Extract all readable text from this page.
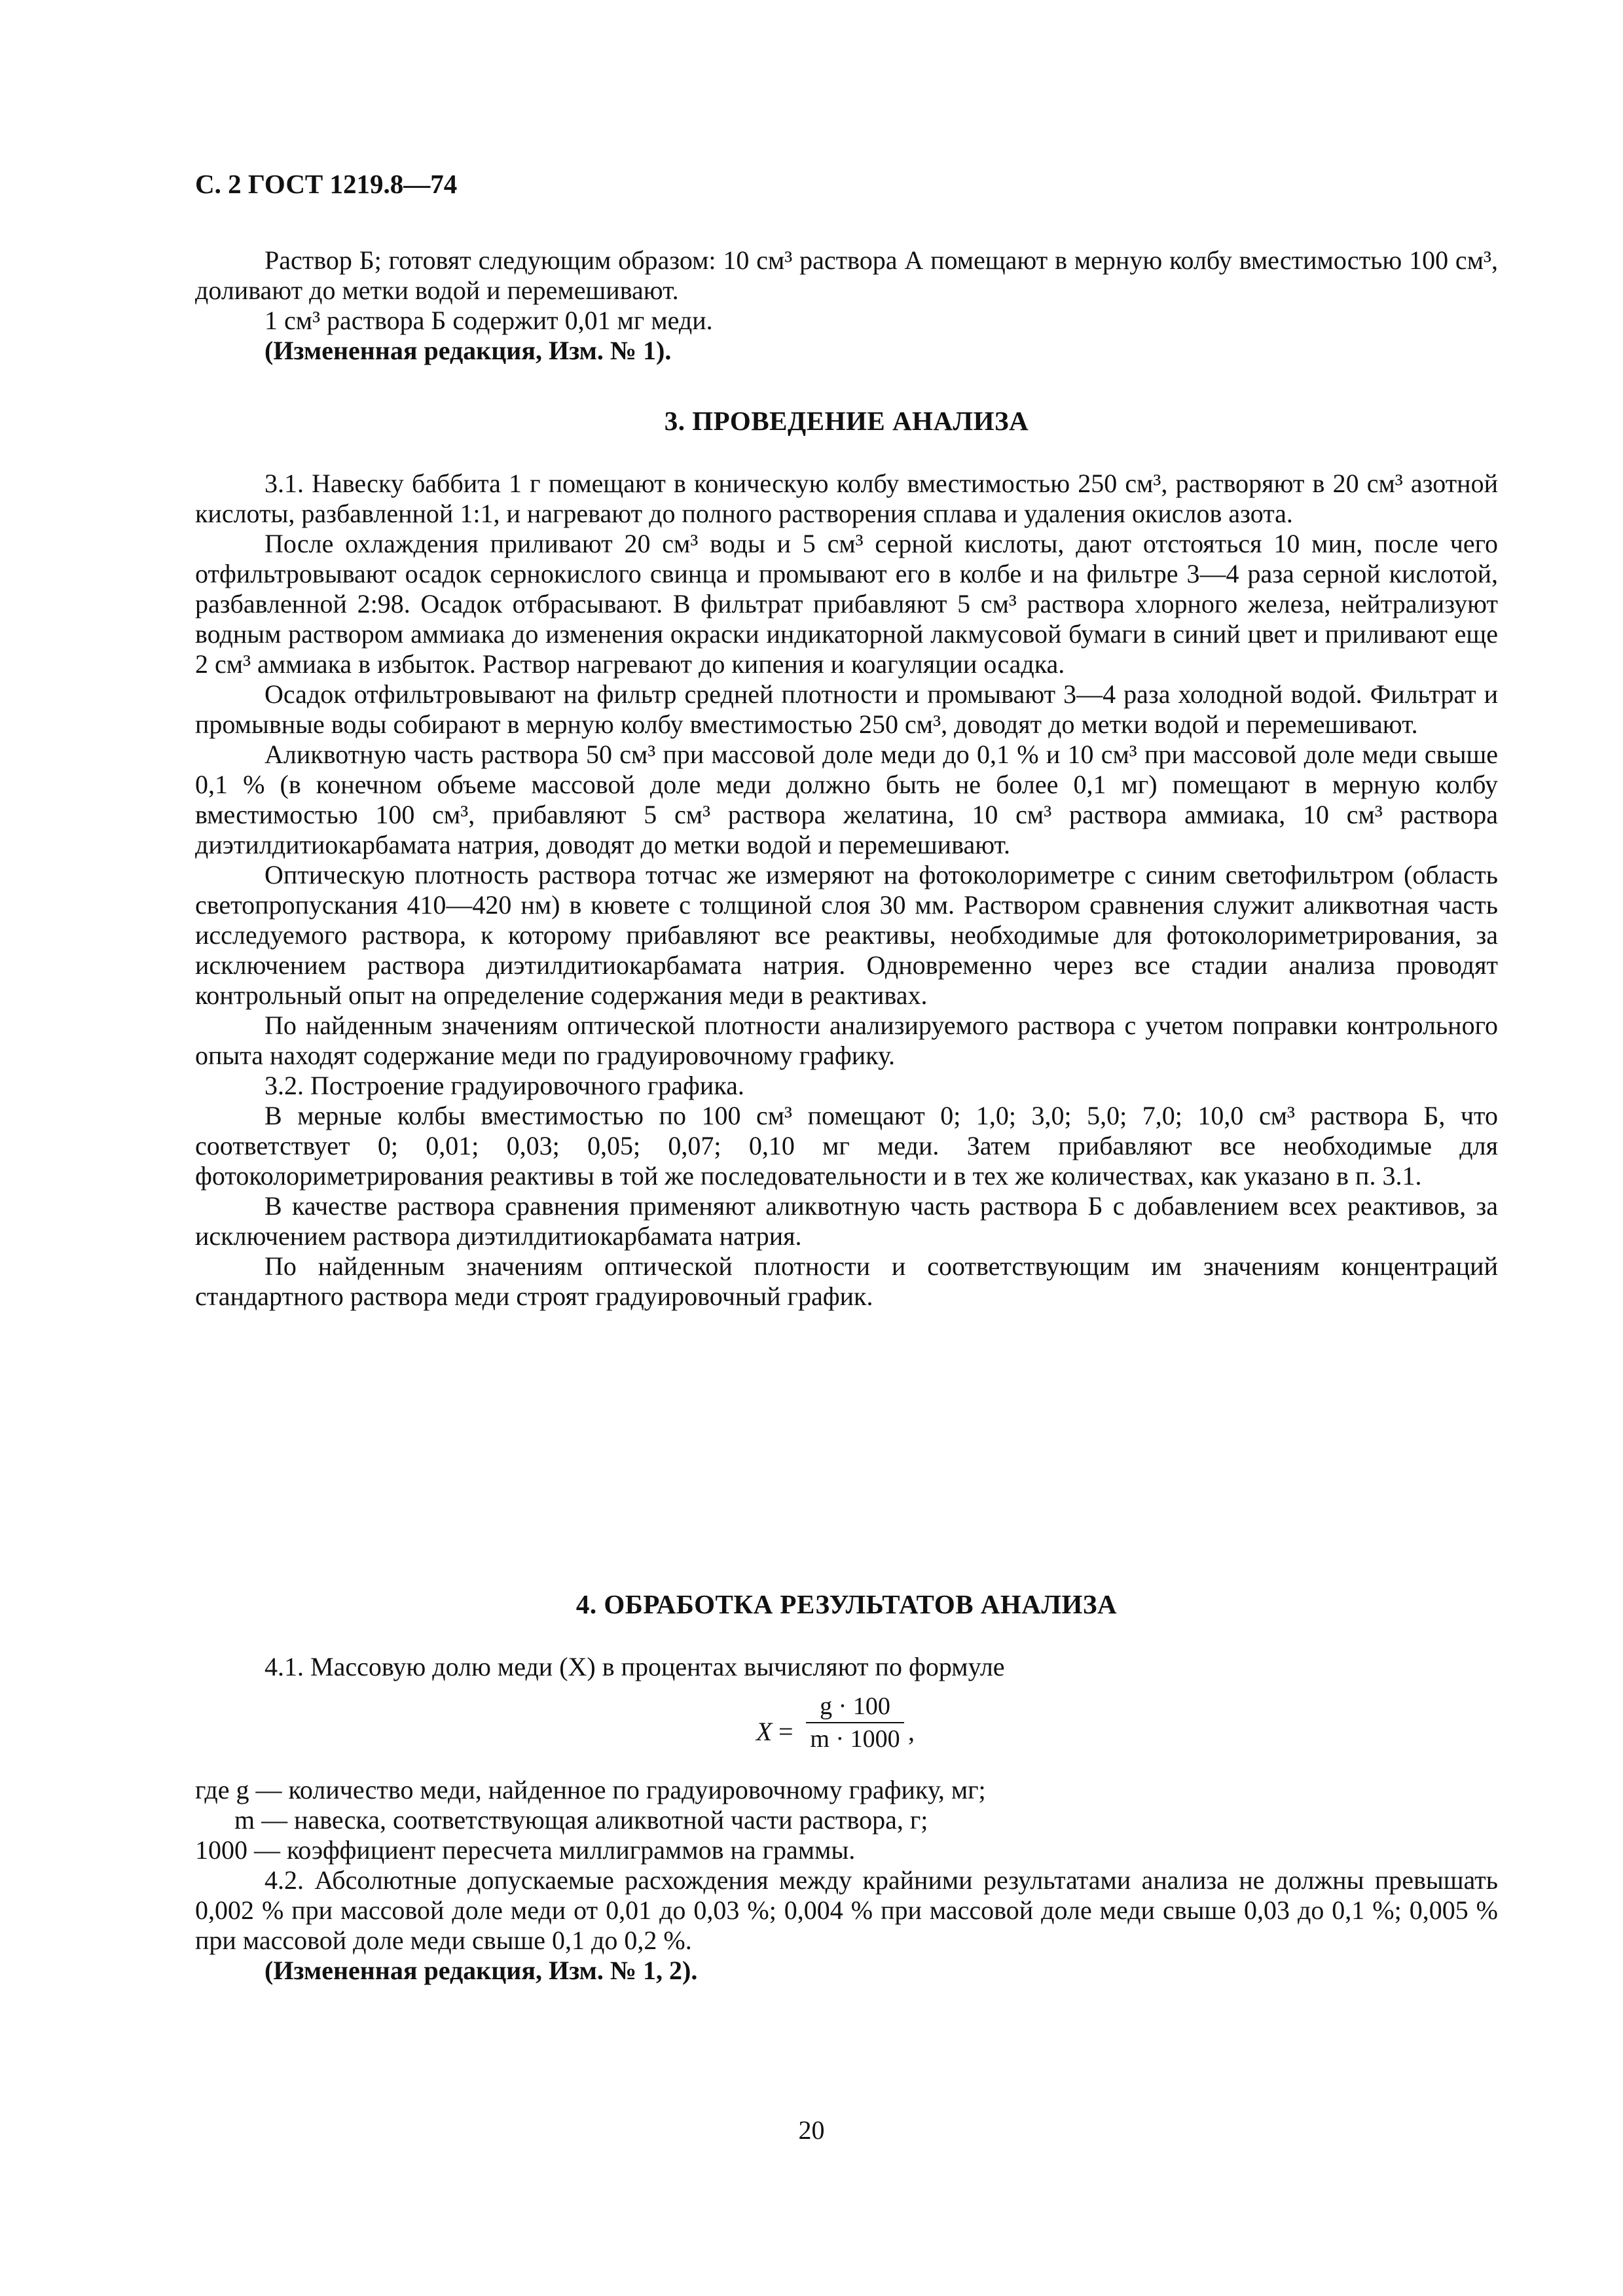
С. 2 ГОСТ 1219.8—74

Раствор Б; готовят следующим образом: 10 см³ раствора А помещают в мерную колбу вместимостью 100 см³, доливают до метки водой и перемешивают.

1 см³ раствора Б содержит 0,01 мг меди.

(Измененная редакция, Изм. № 1).

3. ПРОВЕДЕНИЕ АНАЛИЗА

3.1. Навеску баббита 1 г помещают в коническую колбу вместимостью 250 см³, растворяют в 20 см³ азотной кислоты, разбавленной 1:1, и нагревают до полного растворения сплава и удаления окислов азота.

После охлаждения приливают 20 см³ воды и 5 см³ серной кислоты, дают отстояться 10 мин, после чего отфильтровывают осадок сернокислого свинца и промывают его в колбе и на фильтре 3—4 раза серной кислотой, разбавленной 2:98. Осадок отбрасывают. В фильтрат прибавляют 5 см³ раствора хлорного железа, нейтрализуют водным раствором аммиака до изменения окраски индикаторной лакмусовой бумаги в синий цвет и приливают еще 2 см³ аммиака в избыток. Раствор нагревают до кипения и коагуляции осадка.

Осадок отфильтровывают на фильтр средней плотности и промывают 3—4 раза холодной водой. Фильтрат и промывные воды собирают в мерную колбу вместимостью 250 см³, доводят до метки водой и перемешивают.

Аликвотную часть раствора 50 см³ при массовой доле меди до 0,1 % и 10 см³ при массовой доле меди свыше 0,1 % (в конечном объеме массовой доле меди должно быть не более 0,1 мг) помещают в мерную колбу вместимостью 100 см³, прибавляют 5 см³ раствора желатина, 10 см³ раствора аммиака, 10 см³ раствора диэтилдитиокарбамата натрия, доводят до метки водой и перемешивают.

Оптическую плотность раствора тотчас же измеряют на фотоколориметре с синим светофильтром (область светопропускания 410—420 нм) в кювете с толщиной слоя 30 мм. Раствором сравнения служит аликвотная часть исследуемого раствора, к которому прибавляют все реактивы, необходимые для фотоколориметрирования, за исключением раствора диэтилдитиокарбамата натрия. Одновременно через все стадии анализа проводят контрольный опыт на определение содержания меди в реактивах.

По найденным значениям оптической плотности анализируемого раствора с учетом поправки контрольного опыта находят содержание меди по градуировочному графику.

3.2. Построение градуировочного графика.

В мерные колбы вместимостью по 100 см³ помещают 0; 1,0; 3,0; 5,0; 7,0; 10,0 см³ раствора Б, что соответствует 0; 0,01; 0,03; 0,05; 0,07; 0,10 мг меди. Затем прибавляют все необходимые для фотоколориметрирования реактивы в той же последовательности и в тех же количествах, как указано в п. 3.1.

В качестве раствора сравнения применяют аликвотную часть раствора Б с добавлением всех реактивов, за исключением раствора диэтилдитиокарбамата натрия.

По найденным значениям оптической плотности и соответствующим им значениям концентраций стандартного раствора меди строят градуировочный график.

4. ОБРАБОТКА РЕЗУЛЬТАТОВ АНАЛИЗА

4.1. Массовую долю меди (X) в процентах вычисляют по формуле

X =
g · 100
m · 1000 ,

где g — количество меди, найденное по градуировочному графику, мг;

m — навеска, соответствующая аликвотной части раствора, г;

1000 — коэффициент пересчета миллиграммов на граммы.

4.2. Абсолютные допускаемые расхождения между крайними результатами анализа не должны превышать 0,002 % при массовой доле меди от 0,01 до 0,03 %; 0,004 % при массовой доле меди свыше 0,03 до 0,1 %; 0,005 % при массовой доле меди свыше 0,1 до 0,2 %.

(Измененная редакция, Изм. № 1, 2).

20
